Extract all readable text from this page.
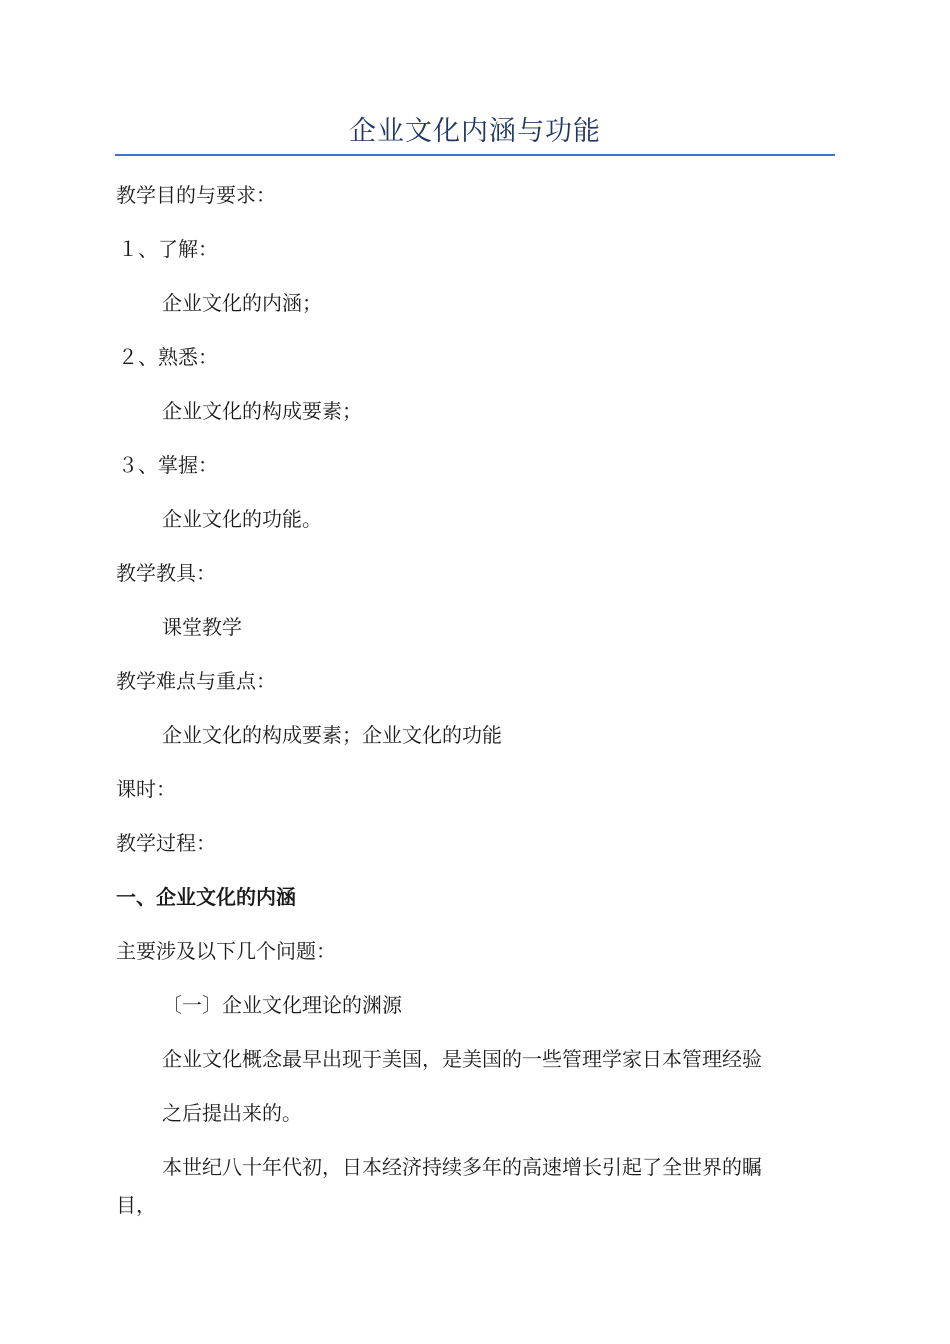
企业文化内涵与功能
教学目的与要求：
１、了解：
企业文化的内涵；
２、熟悉：
企业文化的构成要素；
３、掌握：
企业文化的功能。
教学教具：
课堂教学
教学难点与重点：
企业文化的构成要素；企业文化的功能
课时：
教学过程：
一、企业文化的内涵
主要涉及以下几个问题：
〔一〕企业文化理论的渊源
企业文化概念最早出现于美国，是美国的一些管理学家日本管理经验
之后提出来的。
本世纪八十年代初，日本经济持续多年的高速增长引起了全世界的瞩
目，
